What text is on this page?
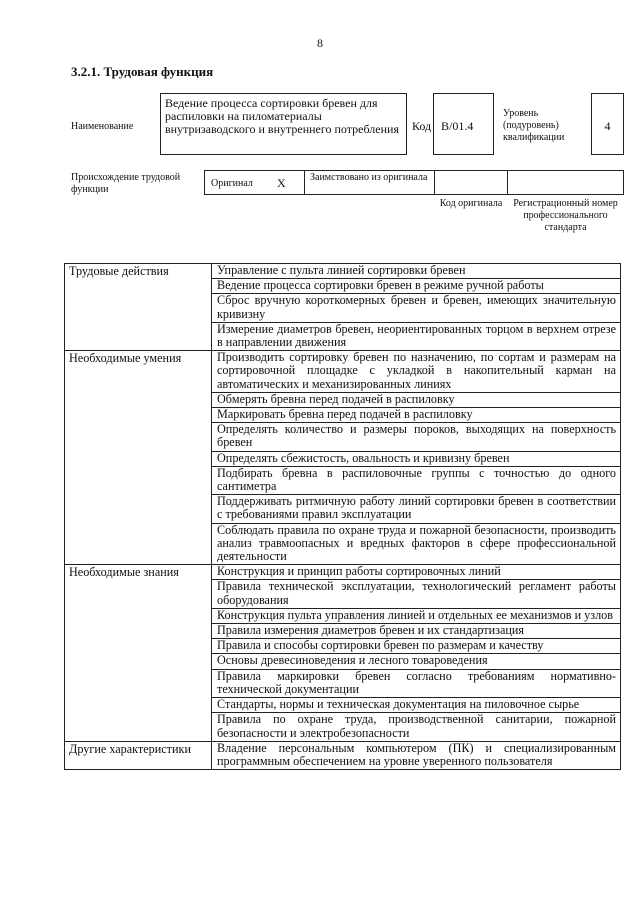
8
3.2.1. Трудовая функция
Наименование
Ведение процесса сортировки бревен для распиловки на пиломатериалы внутризаводского и внутреннего потребления Код B/01.4
Уровень (подуровень) квалификации
4
Происхождение трудовой функции
Оригинал X Заимствовано из оригинала
Код оригинала	Регистрационный номер профессионального стандарта
Трудовые действия	Управление с пульта линией сортировки бревен
	Ведение процесса сортировки бревен в режиме ручной работы
	Сброс вручную короткомерных бревен и бревен, имеющих значительную кривизну
	Измерение диаметров бревен, неориентированных торцом в верхнем отрезе в направлении движения
Необходимые умения	Производить сортировку бревен по назначению, по сортам и размерам на сортировочной площадке с укладкой в накопительный карман на автоматических и механизированных линиях
	Обмерять бревна перед подачей в распиловку
	Маркировать бревна перед подачей в распиловку
	Определять количество и размеры пороков, выходящих на поверхность бревен
	Определять сбежистость, овальность и кривизну бревен
	Подбирать бревна в распиловочные группы с точностью до одного сантиметра
	Поддерживать ритмичную работу линий сортировки бревен в соответствии с требованиями правил эксплуатации
	Соблюдать правила по охране труда и пожарной безопасности, производить анализ травмоопасных и вредных факторов в сфере профессиональной деятельности
Необходимые знания	Конструкция и принцип работы сортировочных линий
	Правила технической эксплуатации, технологический регламент работы оборудования
	Конструкция пульта управления линией и отдельных ее механизмов и узлов
	Правила измерения диаметров бревен и их стандартизация
	Правила и способы сортировки бревен по размерам и качеству
	Основы древесиноведения и лесного товароведения
	Правила маркировки бревен согласно требованиям нормативно-технической документации
	Стандарты, нормы и техническая документация на пиловочное сырье
	Правила по охране труда, производственной санитарии, пожарной безопасности и электробезопасности
Другие характеристики	Владение персональным компьютером (ПК) и специализированным программным обеспечением на уровне уверенного пользователя
